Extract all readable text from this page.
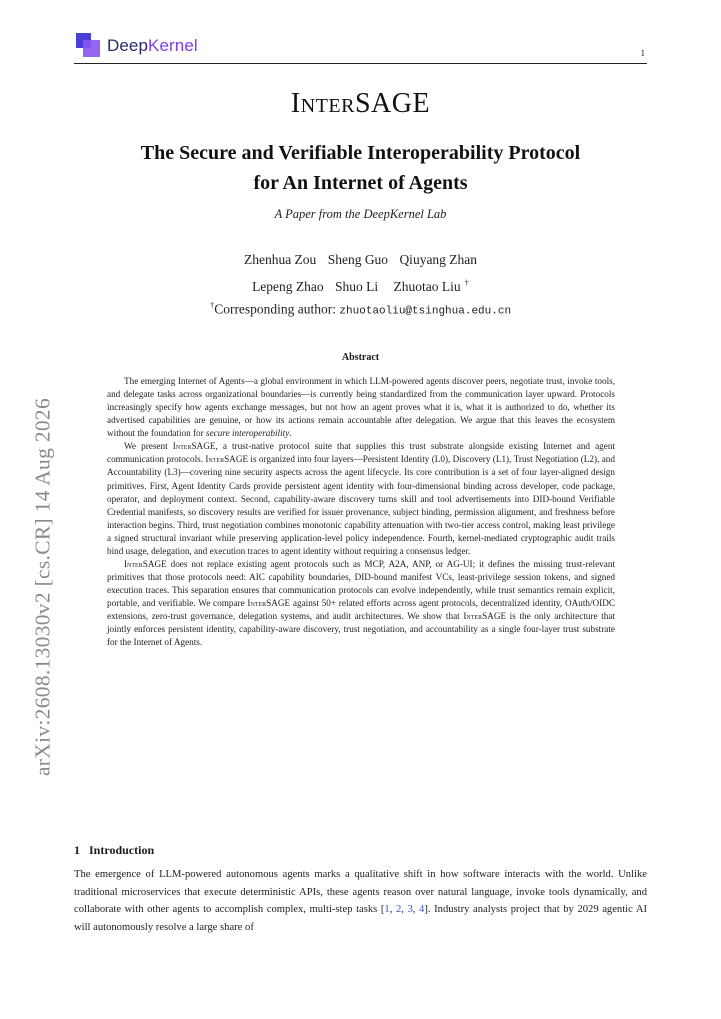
DeepKernel	1
arXiv:2608.13030v2 [cs.CR] 14 Aug 2026
InterSAGE
The Secure and Verifiable Interoperability Protocol
for An Internet of Agents
A Paper from the DeepKernel Lab
Zhenhua Zou Sheng Guo Qiuyang Zhan
Lepeng Zhao Shuo Li Zhuotao Liu †
†Corresponding author: zhuotaoliu@tsinghua.edu.cn
Abstract

The emerging Internet of Agents—a global environment in which LLM-powered agents discover peers, negotiate trust, invoke tools, and delegate tasks across organizational boundaries—is currently being standardized from the communication layer upward. Protocols increasingly specify how agents exchange messages, but not how an agent proves what it is, what it is authorized to do, whether its advertised capabilities are genuine, or how its actions remain accountable after delegation. We argue that this leaves the ecosystem without the foundation for secure interoperability.

We present InterSAGE, a trust-native protocol suite that supplies this trust substrate alongside existing Internet and agent communication protocols. InterSAGE is organized into four layers—Persistent Identity (L0), Discovery (L1), Trust Negotiation (L2), and Accountability (L3)—covering nine security aspects across the agent lifecycle. Its core contribution is a set of four layer-aligned design primitives. First, Agent Identity Cards provide persistent agent identity with four-dimensional binding across developer, code package, operator, and deployment context. Second, capability-aware discovery turns skill and tool advertisements into DID-bound Verifiable Credential manifests, so discovery results are verified for issuer provenance, subject binding, permission alignment, and freshness before interaction begins. Third, trust negotiation combines monotonic capability attenuation with two-tier access control, making least privilege a signed structural invariant while preserving application-level policy independence. Fourth, kernel-mediated cryptographic audit trails bind usage, delegation, and execution traces to agent identity without requiring a consensus ledger.

InterSAGE does not replace existing agent protocols such as MCP, A2A, ANP, or AG-UI; it defines the missing trust-relevant primitives that those protocols need: AIC capability boundaries, DID-bound manifest VCs, least-privilege session tokens, and signed execution traces. This separation ensures that communication protocols can evolve independently, while trust semantics remain explicit, portable, and verifiable. We compare InterSAGE against 50+ related efforts across agent protocols, decentralized identity, OAuth/OIDC extensions, zero-trust governance, delegation systems, and audit architectures. We show that InterSAGE is the only architecture that jointly enforces persistent identity, capability-aware discovery, trust negotiation, and accountability as a single four-layer trust substrate for the Internet of Agents.

1 Introduction

The emergence of LLM-powered autonomous agents marks a qualitative shift in how software interacts with the world. Unlike traditional microservices that execute deterministic APIs, these agents reason over natural language, invoke tools dynamically, and collaborate with other agents to accomplish complex, multi-step tasks [1, 2, 3, 4]. Industry analysts project that by 2029 agentic AI will autonomously resolve a large share of
